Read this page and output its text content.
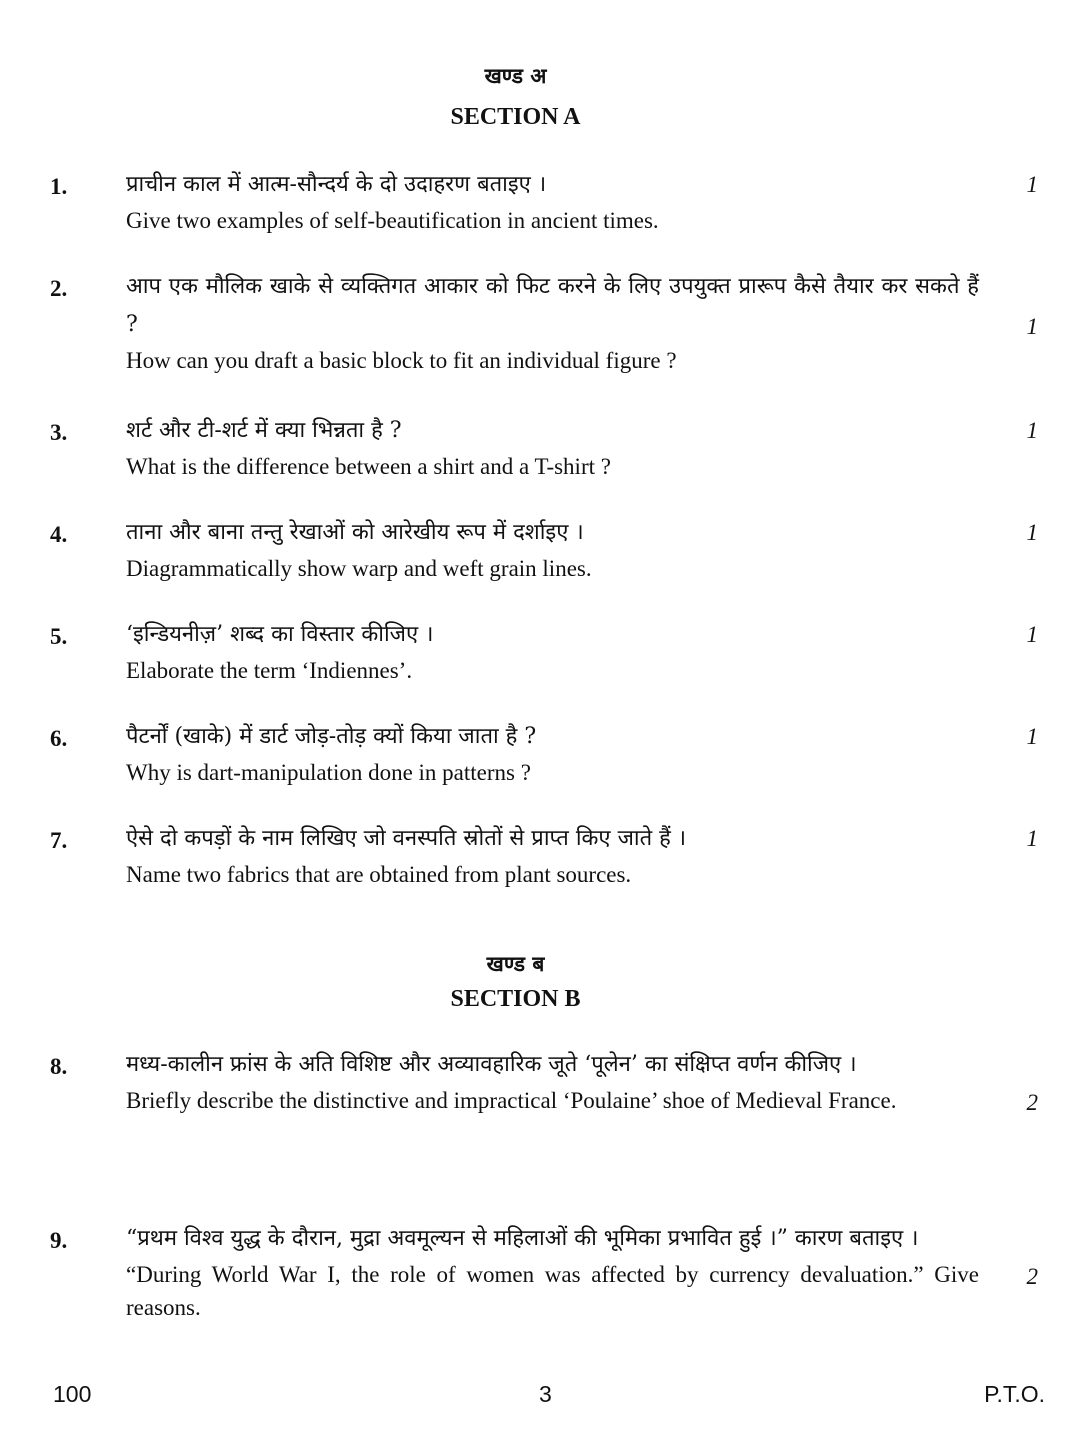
खण्ड अ
SECTION A
1.	प्राचीन काल में आत्म-सौन्दर्य के दो उदाहरण बताइए ।
Give two examples of self-beautification in ancient times.
1
2.	आप एक मौलिक खाके से व्यक्तिगत आकार को फिट करने के लिए उपयुक्त प्रारूप कैसे तैयार कर सकते हैं ?
How can you draft a basic block to fit an individual figure ?
1
3.	शर्ट और टी-शर्ट में क्या भिन्नता है ?
What is the difference between a shirt and a T-shirt ?
1
4.	ताना और बाना तन्तु रेखाओं को आरेखीय रूप में दर्शाइए ।
Diagrammatically show warp and weft grain lines.
1
5.	‘इन्डियनीज़’ शब्द का विस्तार कीजिए ।
Elaborate the term ‘Indiennes’.
1
6.	पैटर्नों (खाके) में डार्ट जोड़-तोड़ क्यों किया जाता है ?
Why is dart-manipulation done in patterns ?
1
7.	ऐसे दो कपड़ों के नाम लिखिए जो वनस्पति स्रोतों से प्राप्त किए जाते हैं ।
Name two fabrics that are obtained from plant sources.
1
खण्ड ब
SECTION B
8.	मध्य-कालीन फ्रांस के अति विशिष्ट और अव्यावहारिक जूते ‘पूलेन’ का संक्षिप्त वर्णन कीजिए ।
Briefly describe the distinctive and impractical ‘Poulaine’ shoe of Medieval France.	2
9.	“प्रथम विश्व युद्ध के दौरान, मुद्रा अवमूल्यन से महिलाओं की भूमिका प्रभावित हुई ।” कारण बताइए ।
“During World War I, the role of women was affected by currency devaluation.” Give reasons.
2
100	3	P.T.O.
